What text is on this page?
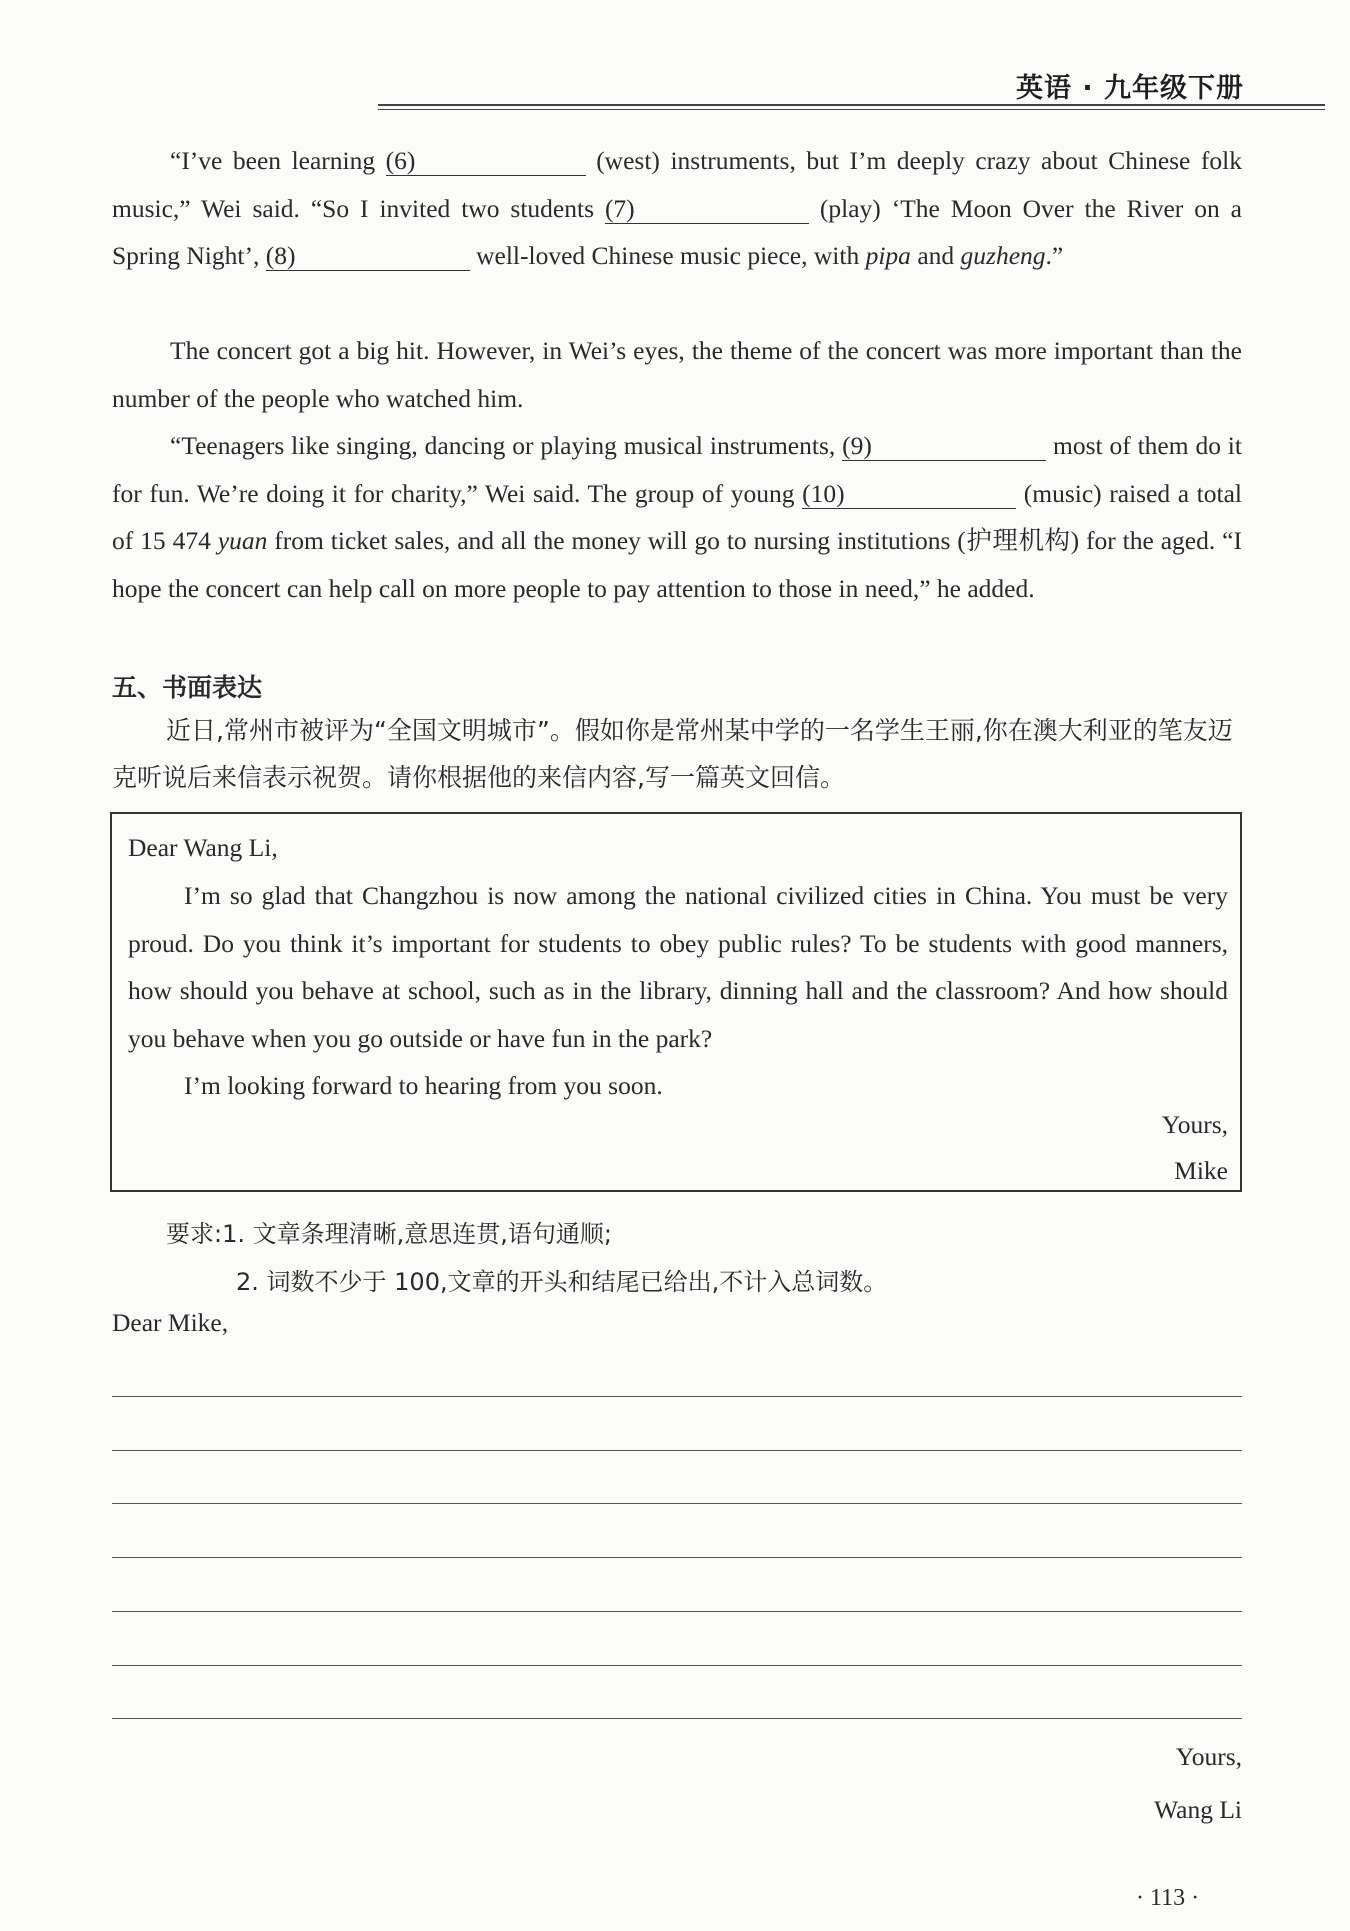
英语 · 九年级下册
“I’ve been learning (6)	(west) instruments, but I’m deeply crazy about Chinese folk music,” Wei said. “So I invited two students (7)	(play) ‘The Moon Over the River on a Spring Night’, (8)	well-loved Chinese music piece, with pipa and guzheng.”
The concert got a big hit. However, in Wei’s eyes, the theme of the concert was more important than the number of the people who watched him.
“Teenagers like singing, dancing or playing musical instruments, (9)	most of them do it for fun. We’re doing it for charity,” Wei said. The group of young (10)	(music) raised a total of 15 474 yuan from ticket sales, and all the money will go to nursing institutions (护理机构) for the aged. “I hope the concert can help call on more people to pay attention to those in need,” he added.
五、书面表达
近日,常州市被评为“全国文明城市”。假如你是常州某中学的一名学生王丽,你在澳大利亚的笔友迈克听说后来信表示祝贺。请你根据他的来信内容,写一篇英文回信。
Dear Wang Li,
I’m so glad that Changzhou is now among the national civilized cities in China. You must be very proud. Do you think it’s important for students to obey public rules? To be students with good manners, how should you behave at school, such as in the library, dinning hall and the classroom? And how should you behave when you go outside or have fun in the park?
I’m looking forward to hearing from you soon.
Yours,
Mike
要求:1. 文章条理清晰,意思连贯,语句通顺;
2. 词数不少于 100,文章的开头和结尾已给出,不计入总词数。
Dear Mike,
Yours,
Wang Li
· 113 ·
